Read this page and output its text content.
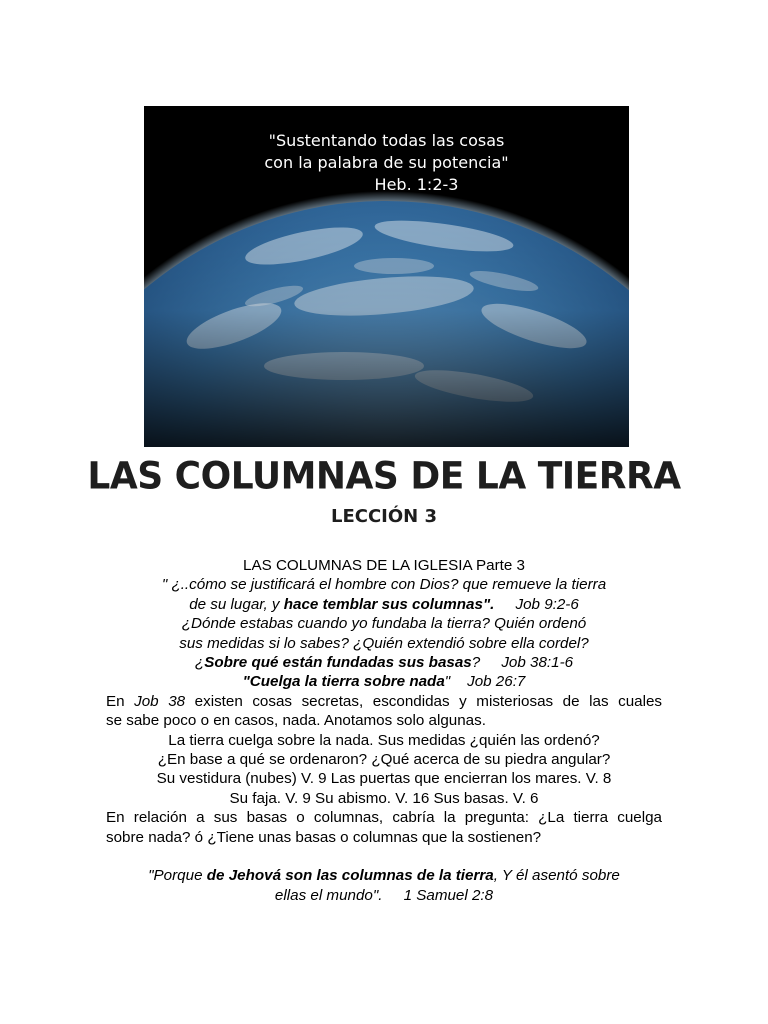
"Sustentando todas las cosas
con la palabra de su potencia"
Heb. 1:2-3
LAS COLUMNAS DE LA TIERRA
LECCIÓN 3
LAS COLUMNAS DE LA IGLESIA Parte 3
" ¿..cómo se justificará el hombre con Dios? que remueve la tierra
de su lugar, y hace temblar sus columnas". Job 9:2-6
¿Dónde estabas cuando yo fundaba la tierra? Quién ordenó
sus medidas si lo sabes? ¿Quién extendió sobre ella cordel?
¿Sobre qué están fundadas sus basas? Job 38:1-6
"Cuelga la tierra sobre nada" Job 26:7
En Job 38 existen cosas secretas, escondidas y misteriosas de las cuales
se sabe poco o en casos, nada. Anotamos solo algunas.
La tierra cuelga sobre la nada. Sus medidas ¿quién las ordenó?
¿En base a qué se ordenaron? ¿Qué acerca de su piedra angular?
Su vestidura (nubes) V. 9 Las puertas que encierran los mares. V. 8
Su faja. V. 9 Su abismo. V. 16 Sus basas. V. 6
En relación a sus basas o columnas, cabría la pregunta: ¿La tierra cuelga
sobre nada? ó ¿Tiene unas basas o columnas que la sostienen?
"Porque de Jehová son las columnas de la tierra, Y él asentó sobre
ellas el mundo". 1 Samuel 2:8
